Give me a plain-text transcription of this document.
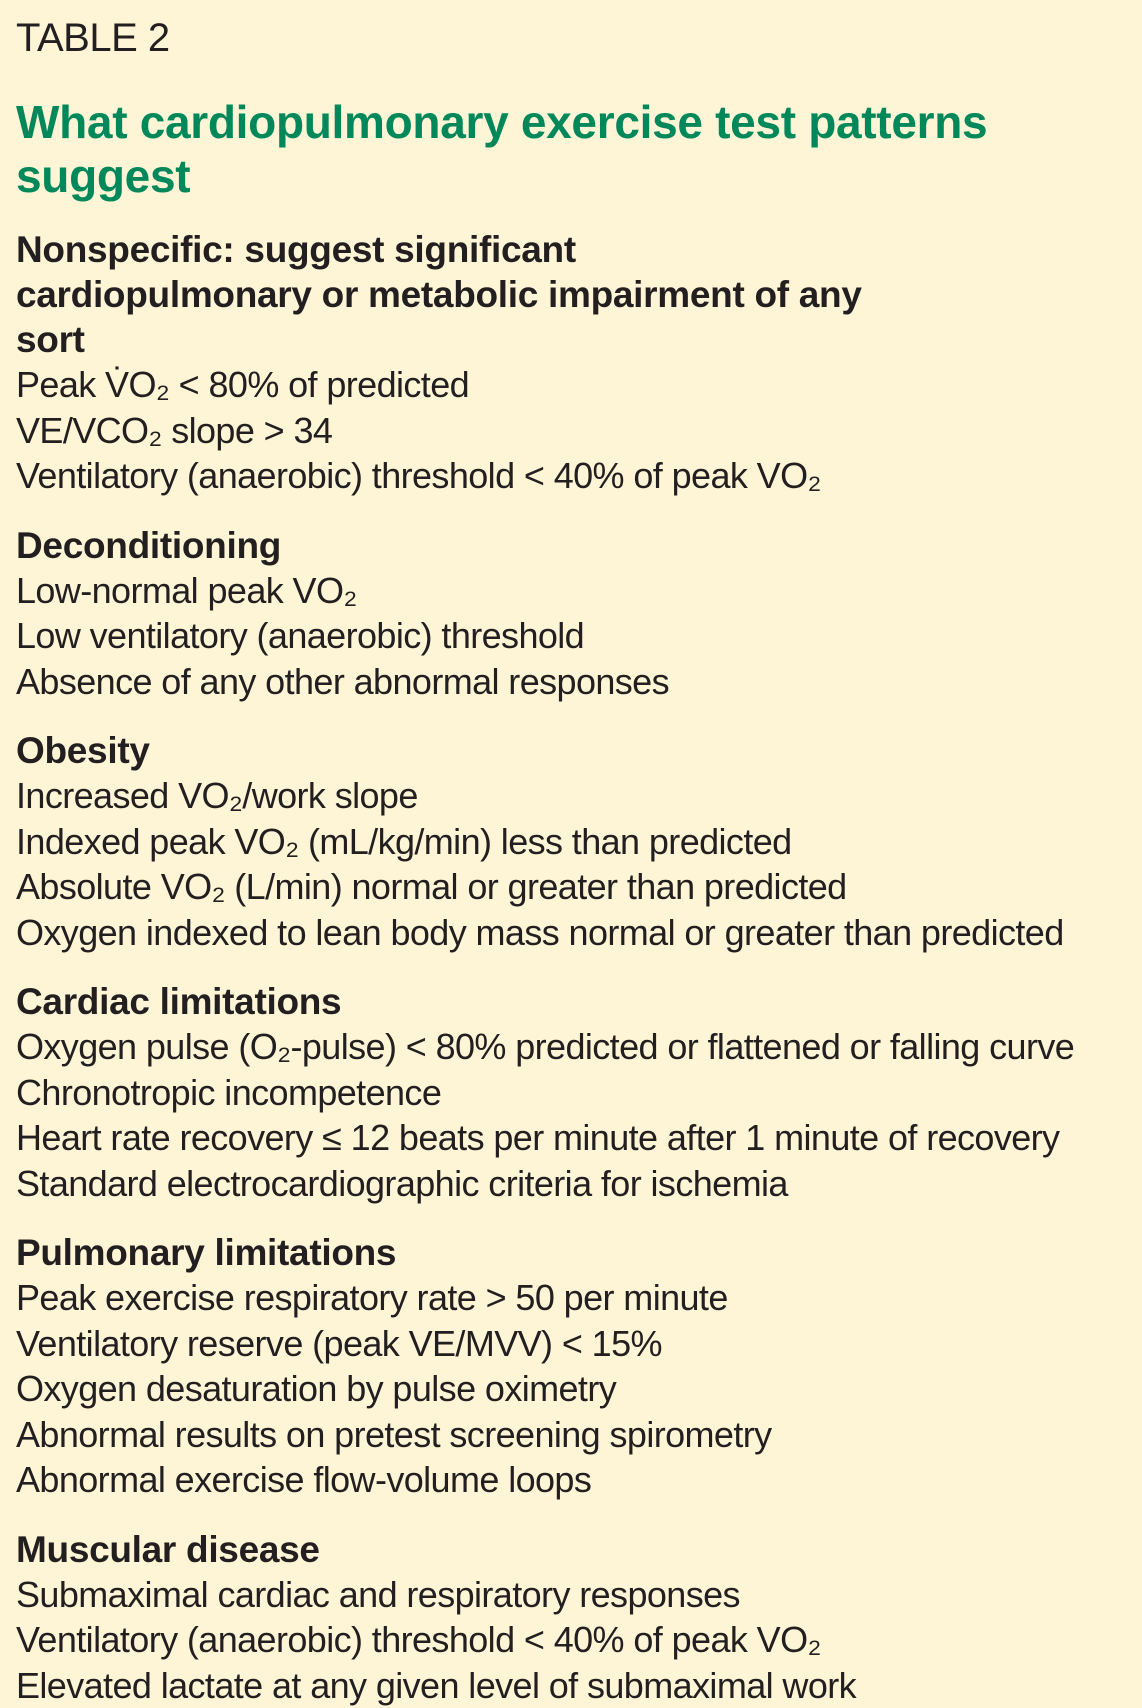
TABLE 2
What cardiopulmonary exercise test patterns suggest
Nonspecific: suggest significant cardiopulmonary or metabolic impairment of any sort
Peak V̇O₂ < 80% of predicted
VE/VCO₂ slope > 34
Ventilatory (anaerobic) threshold < 40% of peak VO₂
Deconditioning
Low-normal peak VO₂
Low ventilatory (anaerobic) threshold
Absence of any other abnormal responses
Obesity
Increased VO₂/work slope
Indexed peak VO₂ (mL/kg/min) less than predicted
Absolute VO₂ (L/min) normal or greater than predicted
Oxygen indexed to lean body mass normal or greater than predicted
Cardiac limitations
Oxygen pulse (O₂-pulse) < 80% predicted or flattened or falling curve
Chronotropic incompetence
Heart rate recovery ≤ 12 beats per minute after 1 minute of recovery
Standard electrocardiographic criteria for ischemia
Pulmonary limitations
Peak exercise respiratory rate > 50 per minute
Ventilatory reserve (peak VE/MVV) < 15%
Oxygen desaturation by pulse oximetry
Abnormal results on pretest screening spirometry
Abnormal exercise flow-volume loops
Muscular disease
Submaximal cardiac and respiratory responses
Ventilatory (anaerobic) threshold < 40% of peak VO₂
Elevated lactate at any given level of submaximal work
